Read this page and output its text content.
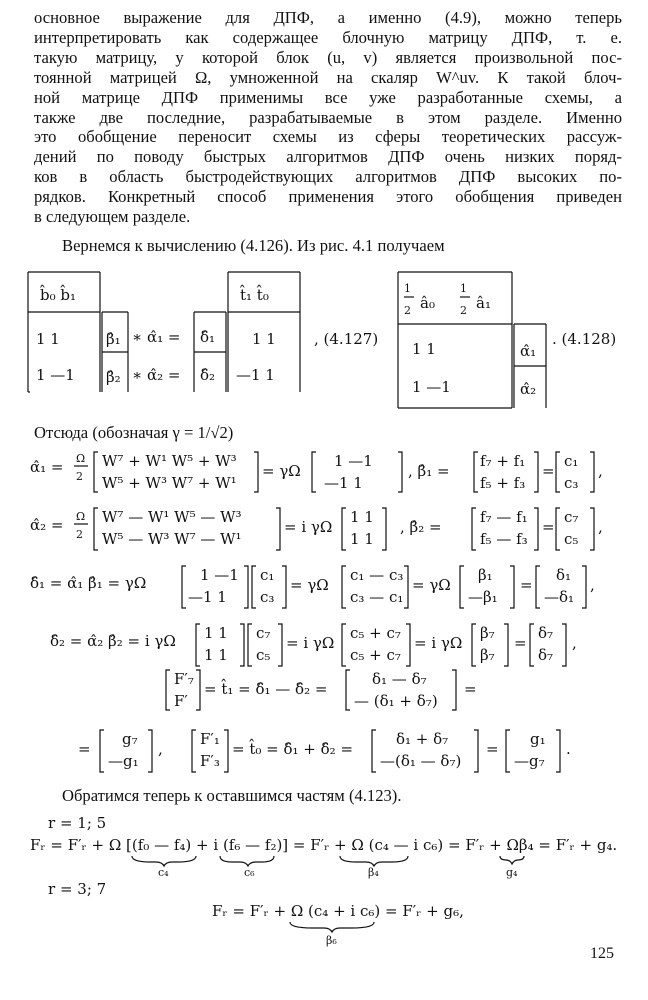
основное выражение для ДПФ, а именно (4.9), можно теперь
интерпретировать как содержащее блочную матрицу ДПФ, т. е.
такую матрицу, у которой блок (u, v) является произвольной пос-
тоянной матрицей Ω, умноженной на скаляр W^uv. К такой блоч-
ной матрице ДПФ применимы все уже разработанные схемы, а
также две последние, разрабатываемые в этом разделе. Именно
это обобщение переносит схемы из сферы теоретических рассуж-
дений по поводу быстрых алгоритмов ДПФ очень низких поряд-
ков в область быстродействующих алгоритмов ДПФ высоких по-
рядков. Конкретный способ применения этого обобщения приведен
в следующем разделе.
Вернемся к вычислению (4.126). Из рис. 4.1 получаем
b̂₀ b̂₁
1 1
1 —1
β̂₁
β̂₂
∗ α̂₁ =
∗ α̂₂ =
δ̂₁
δ̂₂
t̂₁ t̂₀
1 1
—1 1
, (4.127)
1
2 â₀
1
2 â₁
1 1
1 —1
α̂₁
α̂₂
. (4.128)
Отсюда (обозначая γ = 1/√2)
α̂₁ = Ω
2
W⁷ + W¹ W⁵ + W³
W⁵ + W³ W⁷ + W¹
= γΩ
1 —1
—1 1
, β̂₁ =
f₇ + f₁
f₅ + f₃
=
c₁
c₃
,
α̂₂ = Ω
2
W⁷ — W¹ W⁵ — W³
W⁵ — W³ W⁷ — W¹
= i γΩ
1 1
1 1
, β̂₂ =
f₇ — f₁
f₅ — f₃
=
c₇
c₅
,
δ̂₁ = α̂₁ β̂₁ = γΩ	1 —1
—1 1
c₁
c₃
= γΩ
c₁ — c₃
c₃ — c₁
= γΩ
β₁
—β₁
=
δ₁
—δ₁
,
δ̂₂ = α̂₂ β̂₂ = i γΩ 1 1
1 1
c₇
c₅
= i γΩ
c₅ + c₇
c₅ + c₇
= i γΩ
β₇
β₇
=
δ₇
δ₇
,
F′₇
F′
= t̂₁ = δ̂₁ — δ̂₂ =
δ₁ — δ₇
— (δ₁ + δ₇)
=
=
g₇
—g₁
,
F′₁
F′₃
= t̂₀ = δ̂₁ + δ̂₂ =
δ₁ + δ₇
—(δ₁ — δ₇)
=
g₁
—g₇
.
Обратимся теперь к оставшимся частям (4.123).
r = 1; 5
Fᵣ = F′ᵣ + Ω [(f₀ — f₄) + i (f₆ — f₂)] = F′ᵣ + Ω (c₄ — i c₆) = F′ᵣ + Ωβ₄ = F′ᵣ + g₄.
c₄	c₆	β₄	g₄
r = 3; 7
Fᵣ = F′ᵣ + Ω (c₄ + i c₆) = F′ᵣ + g₆,
β₆
125
